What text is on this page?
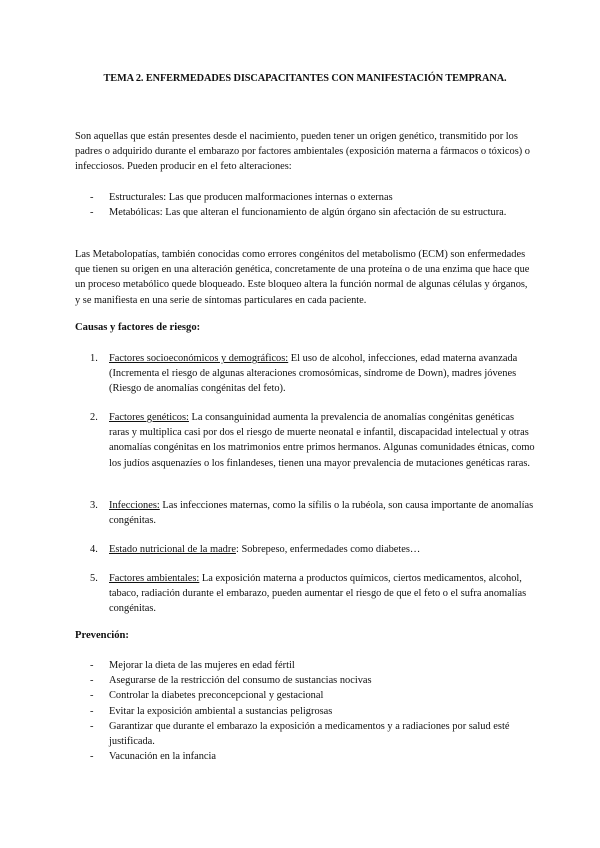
TEMA 2. ENFERMEDADES DISCAPACITANTES CON MANIFESTACIÓN TEMPRANA.

Son aquellas que están presentes desde el nacimiento, pueden tener un origen genético, transmitido por los padres o adquirido durante el embarazo por factores ambientales (exposición materna a fármacos o tóxicos) o infecciosos. Pueden producir en el feto alteraciones:

- Estructurales: Las que producen malformaciones internas o externas
- Metabólicas: Las que alteran el funcionamiento de algún órgano sin afectación de su estructura.

Las Metabolopatías, también conocidas como errores congénitos del metabolismo (ECM) son enfermedades que tienen su origen en una alteración genética, concretamente de una proteína o de una enzima que hace que un proceso metabólico quede bloqueado. Este bloqueo altera la función normal de algunas células y órganos, y se manifiesta en una serie de síntomas particulares en cada paciente.

Causas y factores de riesgo:
1. Factores socioeconómicos y demográficos: El uso de alcohol, infecciones, edad materna avanzada (Incrementa el riesgo de algunas alteraciones cromosómicas, síndrome de Down), madres jóvenes (Riesgo de anomalías congénitas del feto).
2. Factores genéticos: La consanguinidad aumenta la prevalencia de anomalías congénitas genéticas raras y multiplica casi por dos el riesgo de muerte neonatal e infantil, discapacidad intelectual y otras anomalías congénitas en los matrimonios entre primos hermanos. Algunas comunidades étnicas, como los judíos asquenazíes o los finlandeses, tienen una mayor prevalencia de mutaciones genéticas raras.
3. Infecciones: Las infecciones maternas, como la sífilis o la rubéola, son causa importante de anomalías congénitas.
4. Estado nutricional de la madre: Sobrepeso, enfermedades como diabetes…
5. Factores ambientales: La exposición materna a productos químicos, ciertos medicamentos, alcohol, tabaco, radiación durante el embarazo, pueden aumentar el riesgo de que el feto o el sufra anomalías congénitas.
Prevención:
- Mejorar la dieta de las mujeres en edad fértil
- Asegurarse de la restricción del consumo de sustancias nocivas
- Controlar la diabetes preconcepcional y gestacional
- Evitar la exposición ambiental a sustancias peligrosas
- Garantizar que durante el embarazo la exposición a medicamentos y a radiaciones por salud esté justificada.
- Vacunación en la infancia
